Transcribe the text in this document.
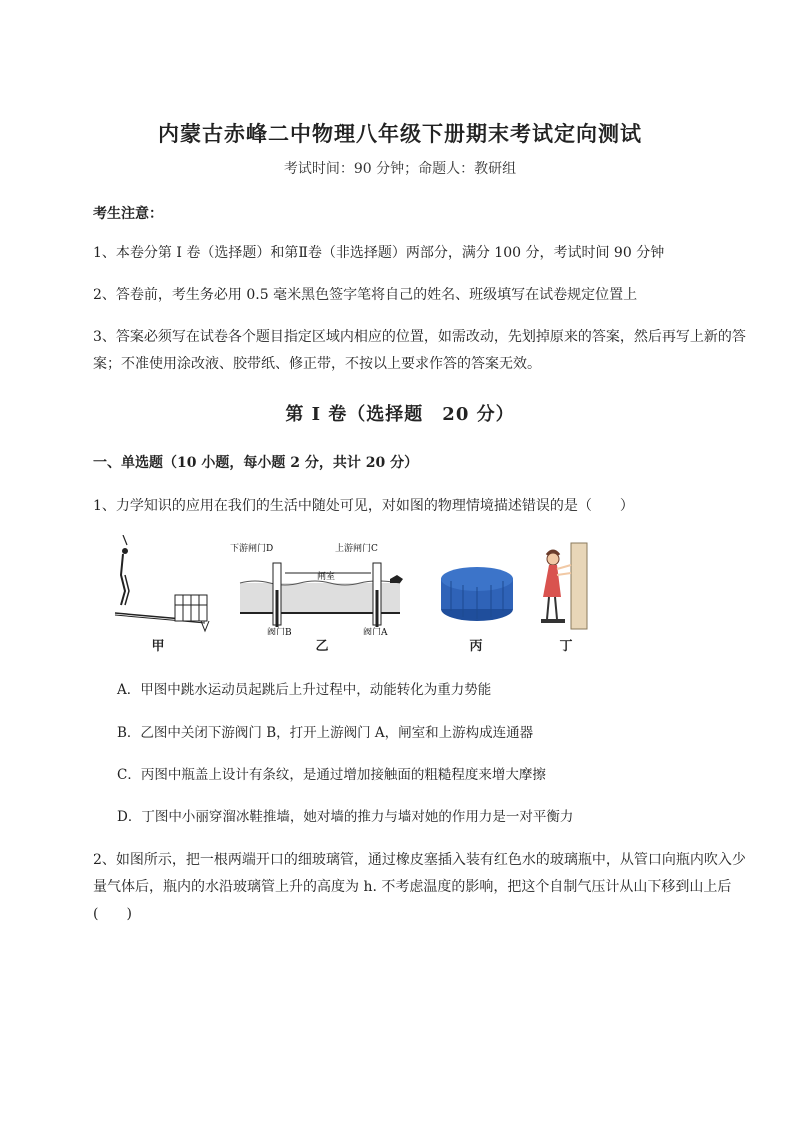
内蒙古赤峰二中物理八年级下册期末考试定向测试
考试时间：90 分钟；命题人：教研组
考生注意：
1、本卷分第 I 卷（选择题）和第Ⅱ卷（非选择题）两部分，满分 100 分，考试时间 90 分钟
2、答卷前，考生务必用 0.5 毫米黑色签字笔将自己的姓名、班级填写在试卷规定位置上
3、答案必须写在试卷各个题目指定区域内相应的位置，如需改动，先划掉原来的答案，然后再写上新的答案；不准使用涂改液、胶带纸、修正带，不按以上要求作答的答案无效。
第 I 卷（选择题　20 分）
一、单选题（10 小题，每小题 2 分，共计 20 分）
1、力学知识的应用在我们的生活中随处可见，对如图的物理情境描述错误的是（　　）
下游闸门D	上游闸门C
闸室
阀门B	阀门A
甲	乙	丙	丁
A．甲图中跳水运动员起跳后上升过程中，动能转化为重力势能
B．乙图中关闭下游阀门 B，打开上游阀门 A，闸室和上游构成连通器
C．丙图中瓶盖上设计有条纹，是通过增加接触面的粗糙程度来增大摩擦
D．丁图中小丽穿溜冰鞋推墙，她对墙的推力与墙对她的作用力是一对平衡力
2、如图所示，把一根两端开口的细玻璃管，通过橡皮塞插入装有红色水的玻璃瓶中，从管口向瓶内吹入少量气体后，瓶内的水沿玻璃管上升的高度为 h. 不考虑温度的影响，把这个自制气压计从山下移到山上后(　　)
